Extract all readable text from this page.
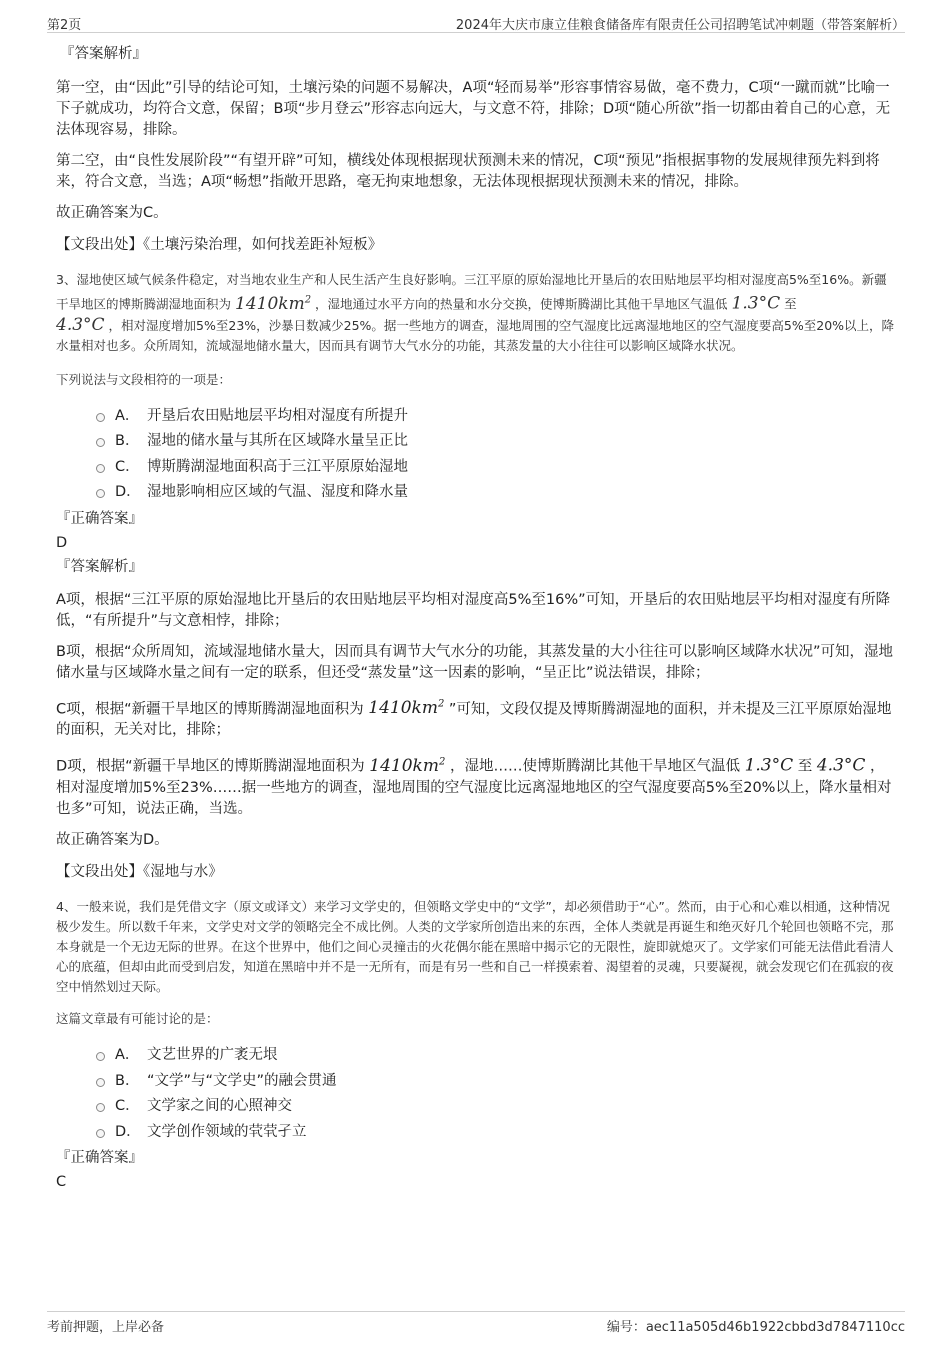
第2页	2024年大庆市康立佳粮食储备库有限责任公司招聘笔试冲刺题（带答案解析）
『答案解析』

第一空，由“因此”引导的结论可知，土壤污染的问题不易解决，A项“轻而易举”形容事情容易做，毫不费力，C项“一蹴而就”比喻一下子就成功，均符合文意，保留；B项“步月登云”形容志向远大，与文意不符，排除；D项“随心所欲”指一切都由着自己的心意，无法体现容易，排除。

第二空，由“良性发展阶段”“有望开辟”可知，横线处体现根据现状预测未来的情况，C项“预见”指根据事物的发展规律预先料到将来，符合文意，当选；A项“畅想”指敞开思路，毫无拘束地想象，无法体现根据现状预测未来的情况，排除。

故正确答案为C。

【文段出处】《土壤污染治理，如何找差距补短板》
3、湿地使区域气候条件稳定，对当地农业生产和人民生活产生良好影响。三江平原的原始湿地比开垦后的农田贴地层平均相对湿度高5%至16%。新疆干旱地区的博斯腾湖湿地面积为 $1410km^2$ ，湿地通过水平方向的热量和水分交换，使博斯腾湖比其他干旱地区气温低 1.3°C 至
4.3°C ，相对湿度增加5%至23%，沙暴日数减少25%。据一些地方的调查，湿地周围的空气湿度比远离湿地地区的空气湿度要高5%至20%以上，降水量相对也多。众所周知，流域湿地储水量大，因而具有调节大气水分的功能，其蒸发量的大小往往可以影响区域降水状况。
下列说法与文段相符的一项是：
A． 开垦后农田贴地层平均相对湿度有所提升
B． 湿地的储水量与其所在区域降水量呈正比
C． 博斯腾湖湿地面积高于三江平原原始湿地
D． 湿地影响相应区域的气温、湿度和降水量
『正确答案』
D
『答案解析』

A项，根据“三江平原的原始湿地比开垦后的农田贴地层平均相对湿度高5%至16%”可知，开垦后的农田贴地层平均相对湿度有所降低，“有所提升”与文意相悖，排除；

B项，根据“众所周知，流域湿地储水量大，因而具有调节大气水分的功能，其蒸发量的大小往往可以影响区域降水状况”可知，湿地储水量与区域降水量之间有一定的联系，但还受“蒸发量”这一因素的影响，“呈正比”说法错误，排除；

C项，根据“新疆干旱地区的博斯腾湖湿地面积为 $1410km^2$ ”可知，文段仅提及博斯腾湖湿地的面积，并未提及三江平原原始湿地的面积，无关对比，排除；

D项，根据“新疆干旱地区的博斯腾湖湿地面积为 $1410km^2$ ，湿地……使博斯腾湖比其他干旱地区气温低 1.3°C 至 4.3°C ，相对湿度增加5%至23%……据一些地方的调查，湿地周围的空气湿度比远离湿地地区的空气湿度要高5%至20%以上，降水量相对也多”可知，说法正确，当选。

故正确答案为D。

【文段出处】《湿地与水》
4、一般来说，我们是凭借文字（原文或译文）来学习文学史的，但领略文学史中的“文学”，却必须借助于“心”。然而，由于心和心难以相通，这种情况极少发生。所以数千年来，文学史对文学的领略完全不成比例。人类的文学家所创造出来的东西，全体人类就是再诞生和绝灭好几个轮回也领略不完，那本身就是一个无边无际的世界。在这个世界中，他们之间心灵撞击的火花偶尔能在黑暗中揭示它的无限性，旋即就熄灭了。文学家们可能无法借此看清人心的底蕴，但却由此而受到启发，知道在黑暗中并不是一无所有，而是有另一些和自己一样摸索着、渴望着的灵魂，只要凝视，就会发现它们在孤寂的夜空中悄然划过天际。
这篇文章最有可能讨论的是：
A． 文艺世界的广袤无垠
B． “文学”与“文学史”的融会贯通
C． 文学家之间的心照神交
D． 文学创作领域的茕茕孑立
『正确答案』
C
考前押题，上岸必备	编号：aec11a505d46b1922cbbd3d7847110cc
